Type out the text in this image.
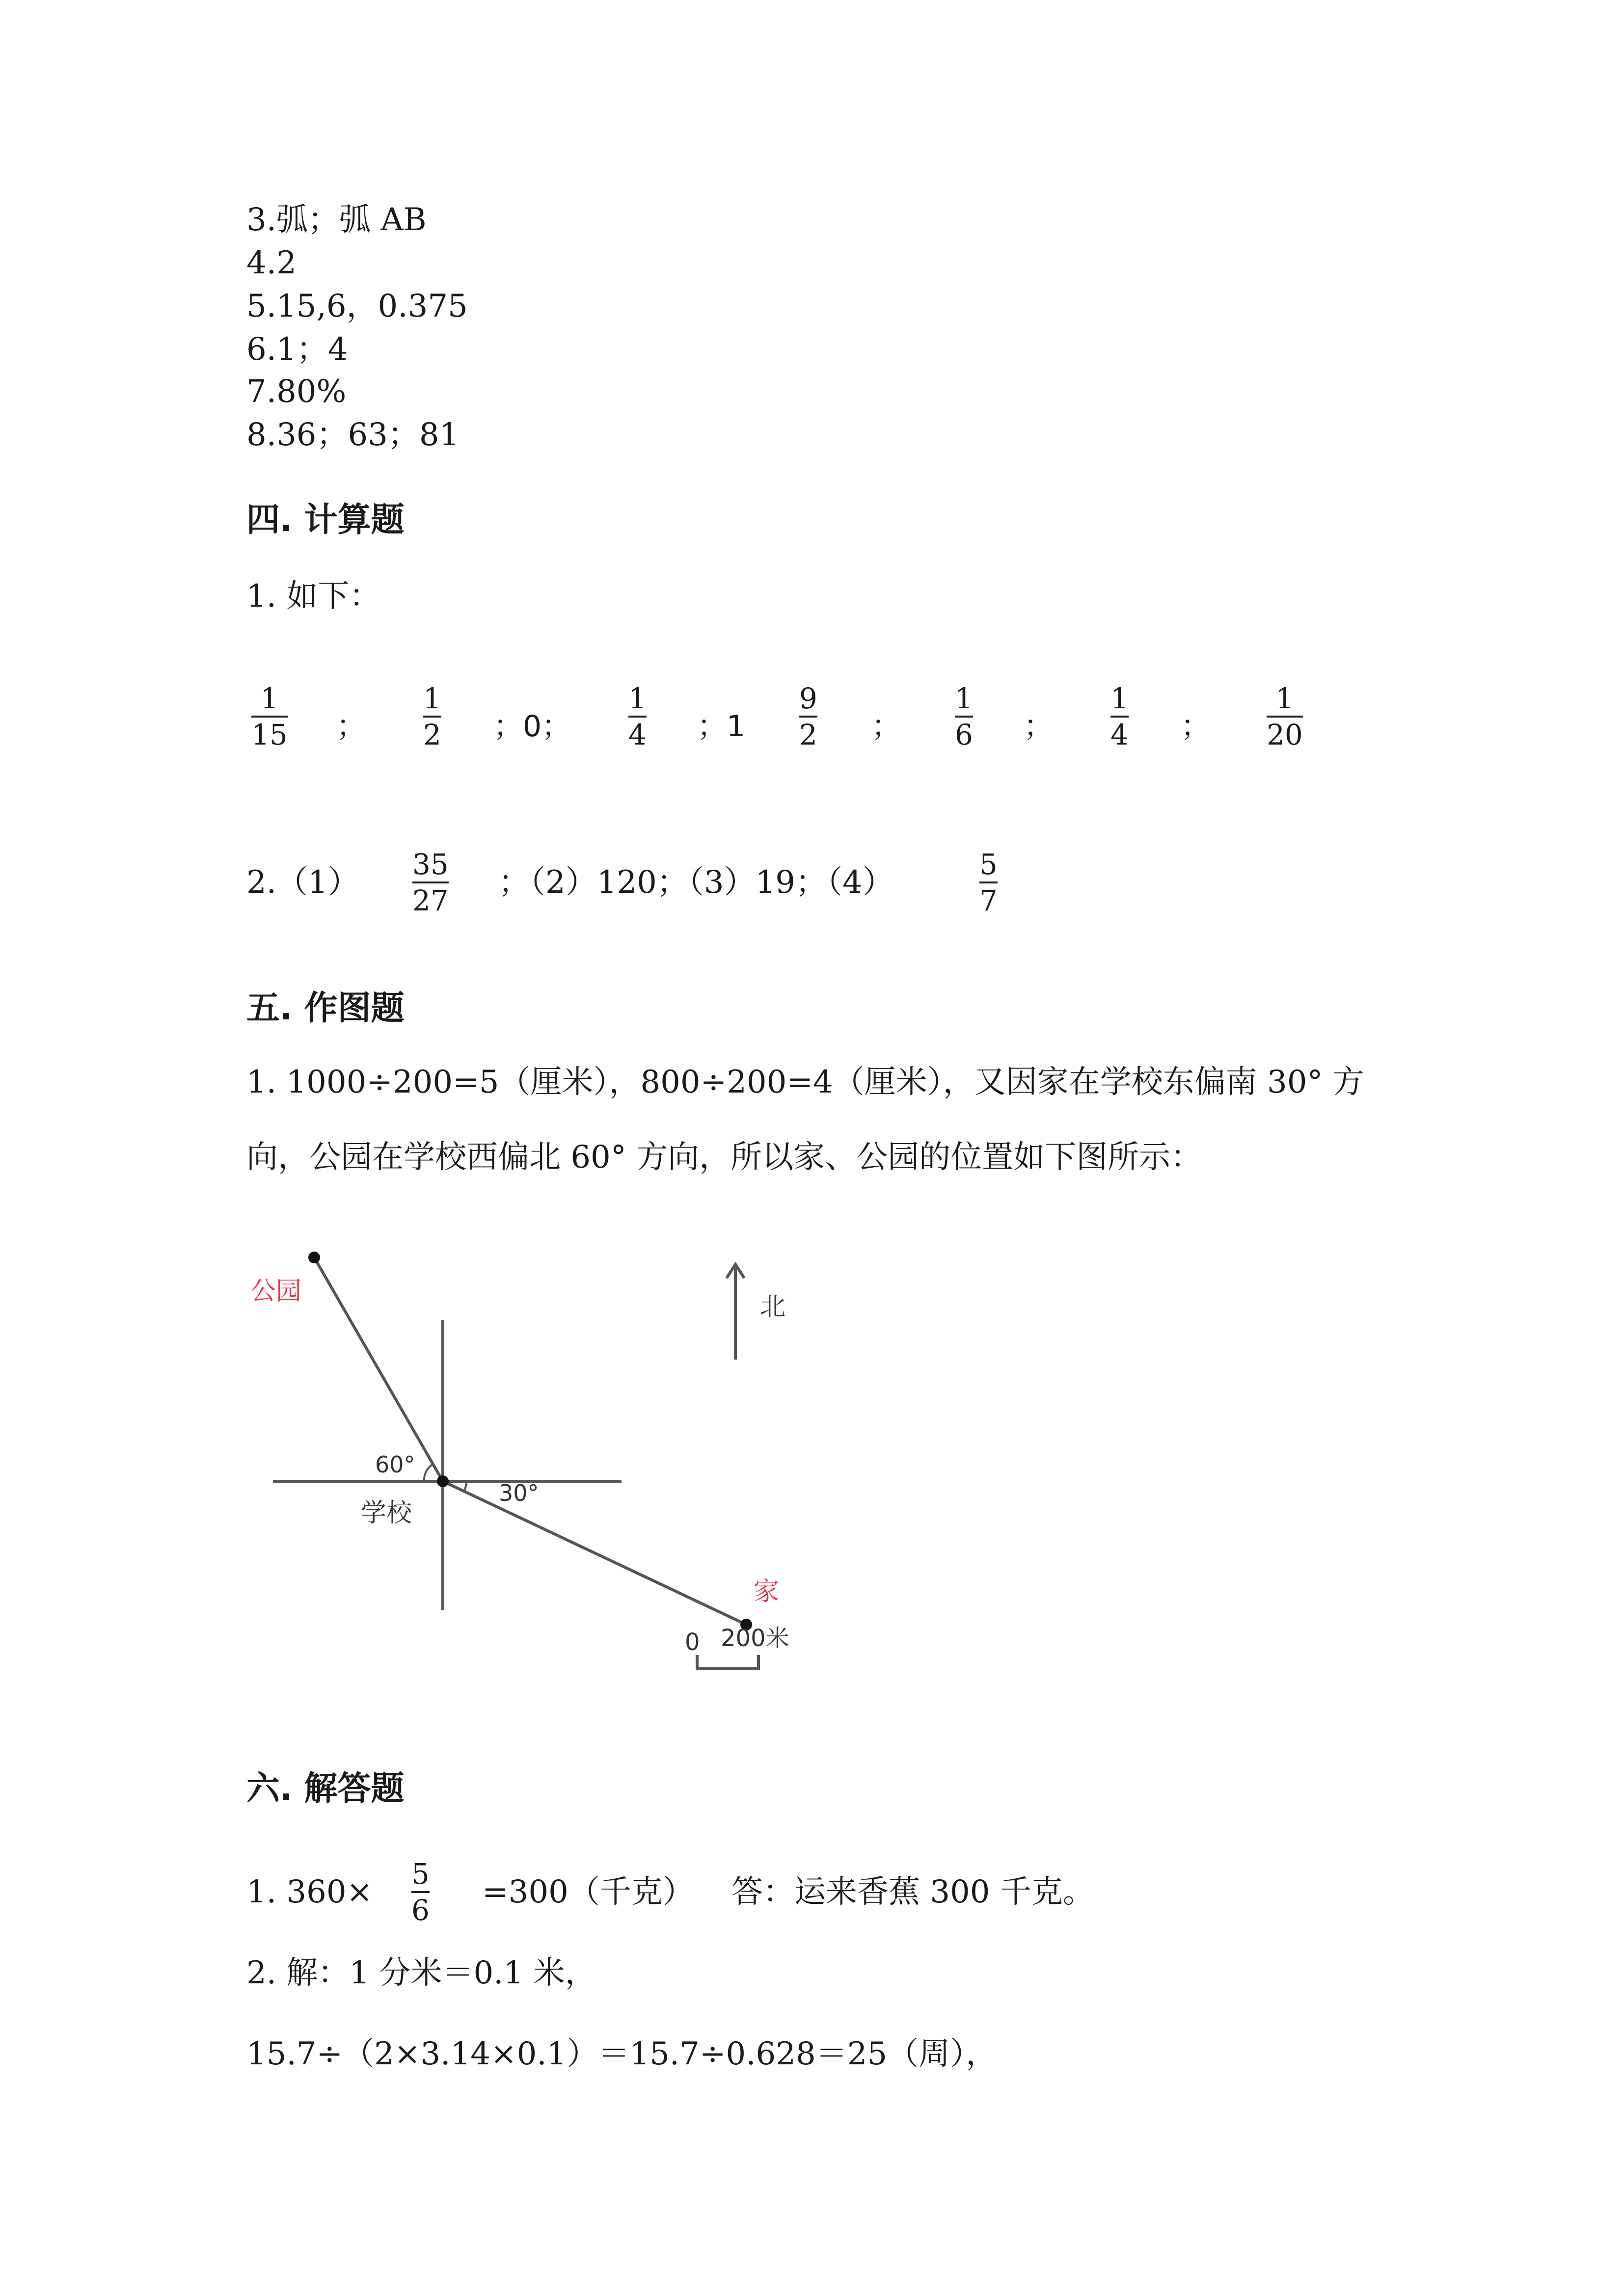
3.弧；弧 AB
4.2
5.15,6，0.375
6.1；4
7.80%
8.36；63；81
四. 计算题
1. 如下：
1
15 ；
1
2 ；0；
1
4 ；1
9
2 ；
1
6 ；
1
4 ；
1
20
2.（1） 35
27 ；（2）120；（3）19；（4）	5
7
五. 作图题
1. 1000÷200=5（厘米），800÷200=4（厘米），又因家在学校东偏南 30° 方
向，公园在学校西偏北 60° 方向，所以家、公园的位置如下图所示：
公园
北
60°
30°
学校
家
0 200米
六. 解答题
1. 360× 5
6 =300（千克） 答：运来香蕉 300 千克。
2. 解：1 分米＝0.1 米，
15.7÷（2×3.14×0.1）＝15.7÷0.628＝25（周），
